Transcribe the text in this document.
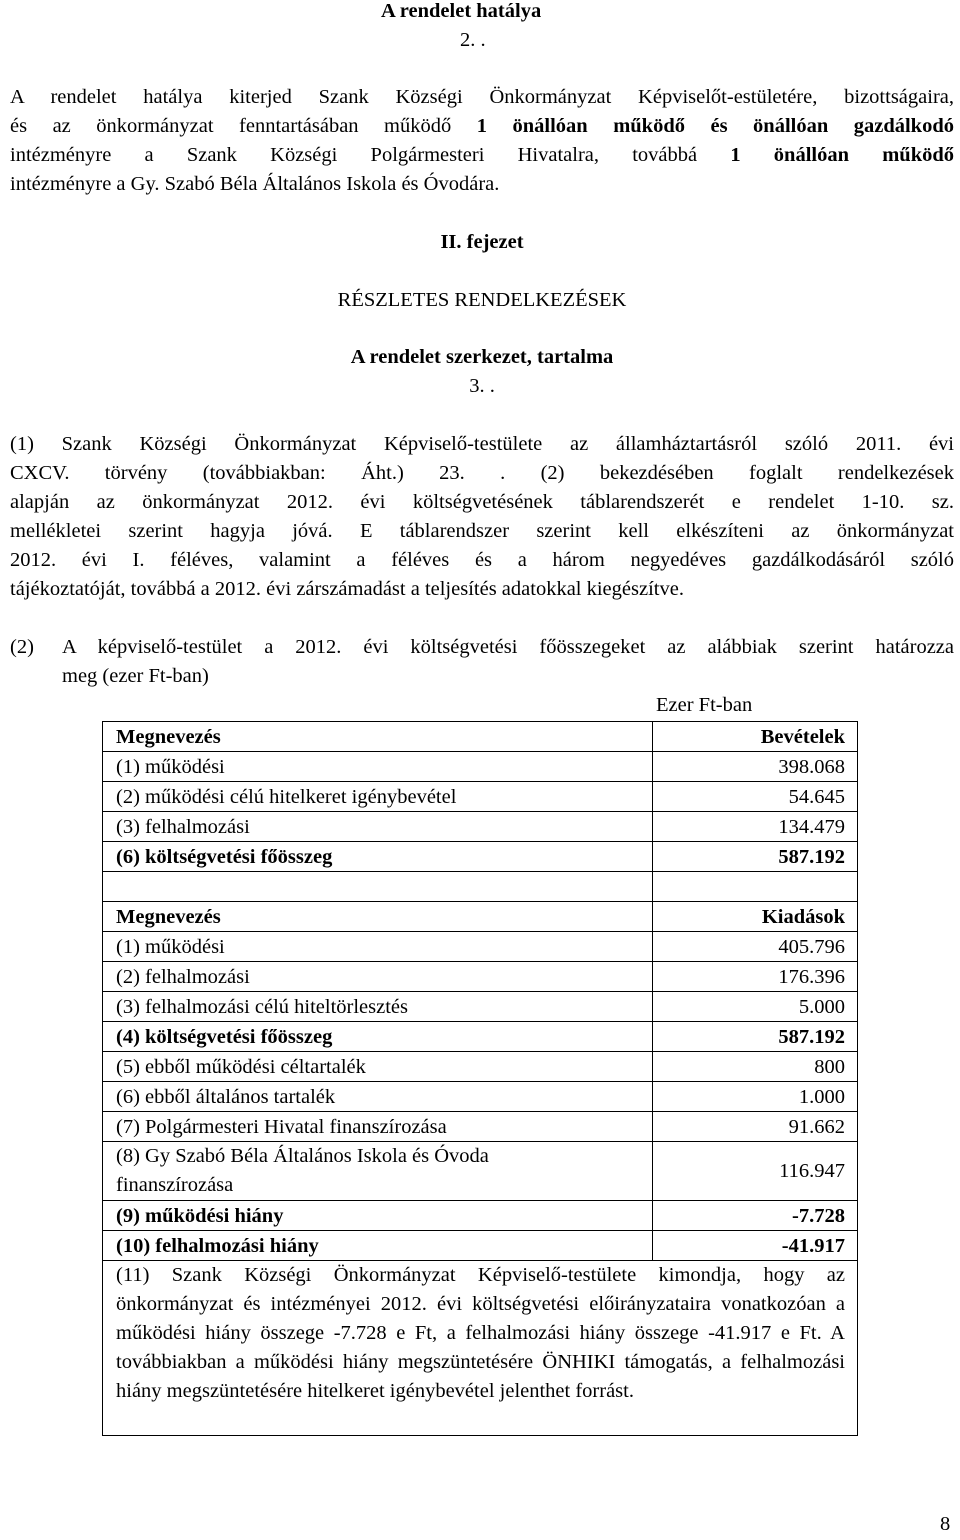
A rendelet hatálya
2. .
A rendelet hatálya kiterjed Szank Községi Önkormányzat Képviselőt-estületére, bizottságaira,
és az önkormányzat fenntartásában működő 1 önállóan működő és önállóan gazdálkodó
intézményre a Szank Községi Polgármesteri Hivatalra, továbbá 1 önállóan működő
intézményre a Gy. Szabó Béla Általános Iskola és Óvodára.
II. fejezet
RÉSZLETES RENDELKEZÉSEK
A rendelet szerkezet, tartalma
3. .
(1) Szank Községi Önkormányzat Képviselő-testülete az államháztartásról szóló 2011. évi
CXCV. törvény (továbbiakban: Áht.) 23. . (2) bekezdésében foglalt rendelkezések
alapján az önkormányzat 2012. évi költségvetésének táblarendszerét e rendelet 1-10. sz.
mellékletei szerint hagyja jóvá. E táblarendszer szerint kell elkészíteni az önkormányzat
2012. évi I. féléves, valamint a féléves és a három negyedéves gazdálkodásáról szóló
tájékoztatóját, továbbá a 2012. évi zárszámadást a teljesítés adatokkal kiegészítve.
(2) A képviselő-testület a 2012. évi költségvetési főösszegeket az alábbiak szerint határozza
meg (ezer Ft-ban)
Ezer Ft-ban
Megnevezés	Bevételek
(1) működési	398.068
(2) működési célú hitelkeret igénybevétel	54.645
(3) felhalmozási	134.479
(6) költségvetési főösszeg	587.192

Megnevezés	Kiadások
(1) működési	405.796
(2) felhalmozási	176.396
(3) felhalmozási célú hiteltörlesztés	5.000
(4) költségvetési főösszeg	587.192
(5) ebből működési céltartalék	800
(6) ebből általános tartalék	1.000
(7) Polgármesteri Hivatal finanszírozása	91.662

(8) Gy Szabó Béla Általános Iskola és Óvoda
finanszírozása	116.947
(9) működési hiány	-7.728
(10) felhalmozási hiány	-41.917
(11) Szank Községi Önkormányzat Képviselő-testülete kimondja, hogy az önkormányzat és intézményei 2012. évi költségvetési előirányzataira vonatkozóan a működési hiány összege -7.728 e Ft, a felhalmozási hiány összege -41.917 e Ft. A továbbiakban a működési hiány megszüntetésére ÖNHIKI támogatás, a felhalmozási hiány megszüntetésére hitelkeret igénybevétel jelenthet forrást.	
8
